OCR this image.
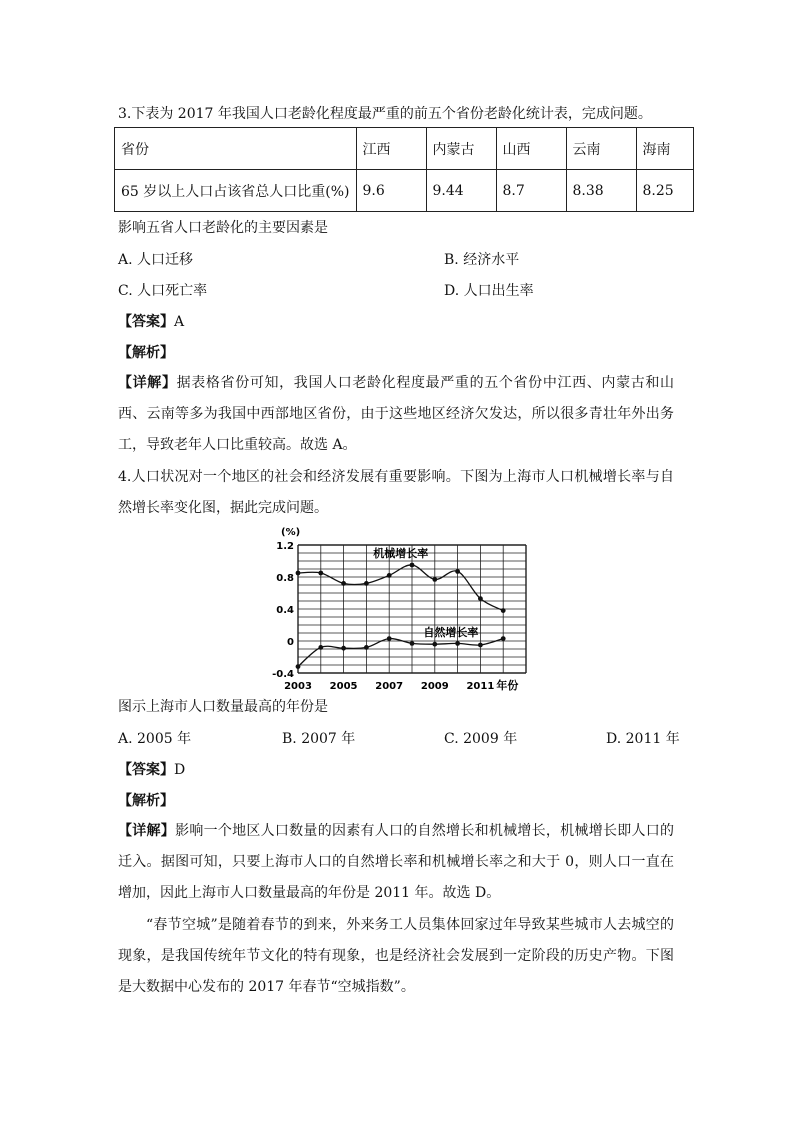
3.下表为 2017 年我国人口老龄化程度最严重的前五个省份老龄化统计表，完成问题。
省份	江西	内蒙古	山西	云南	海南
65 岁以上人口占该省总人口比重(%)	9.6	9.44	8.7	8.38	8.25
影响五省人口老龄化的主要因素是
A. 人口迁移	B. 经济水平
C. 人口死亡率	D. 人口出生率
【答案】A
【解析】
【详解】据表格省份可知，我国人口老龄化程度最严重的五个省份中江西、内蒙古和山西、云南等多为我国中西部地区省份，由于这些地区经济欠发达，所以很多青壮年外出务工，导致老年人口比重较高。故选 A。
4.人口状况对一个地区的社会和经济发展有重要影响。下图为上海市人口机械增长率与自然增长率变化图，据此完成问题。
(%)
1.2
0.8
0.4
0
-0.4
2003 2005 2007 2009 2011
机械增长率
自然增长率
年份
图示上海市人口数量最高的年份是
A. 2005 年	B. 2007 年	C. 2009 年	D. 2011 年
【答案】D
【解析】
【详解】影响一个地区人口数量的因素有人口的自然增长和机械增长，机械增长即人口的迁入。据图可知，只要上海市人口的自然增长率和机械增长率之和大于 0，则人口一直在增加，因此上海市人口数量最高的年份是 2011 年。故选 D。
“春节空城”是随着春节的到来，外来务工人员集体回家过年导致某些城市人去城空的现象，是我国传统年节文化的特有现象，也是经济社会发展到一定阶段的历史产物。下图是大数据中心发布的 2017 年春节“空城指数”。
